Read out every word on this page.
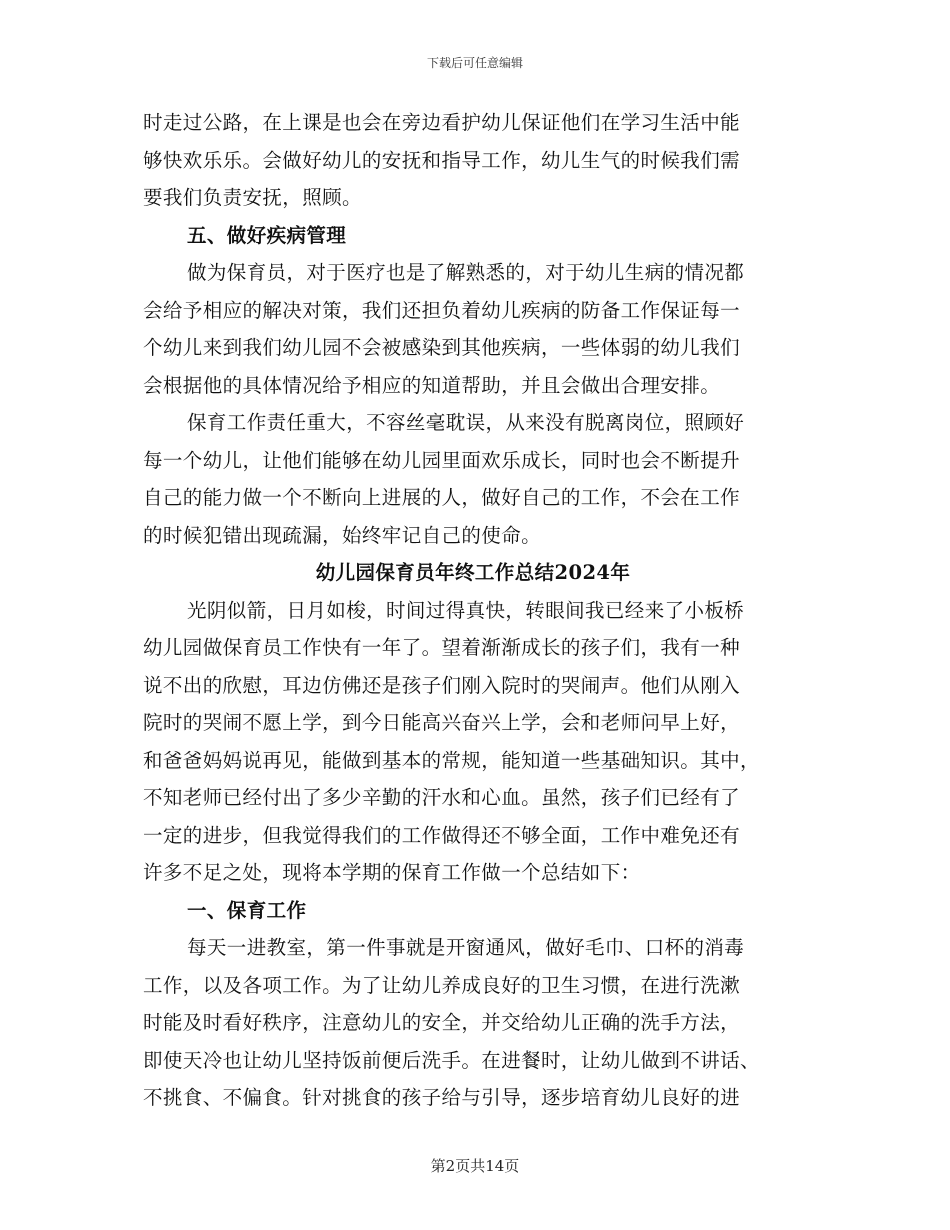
下载后可任意编辑
时走过公路，在上课是也会在旁边看护幼儿保证他们在学习生活中能
够快欢乐乐。会做好幼儿的安抚和指导工作，幼儿生气的时候我们需
要我们负责安抚，照顾。
五、做好疾病管理
做为保育员，对于医疗也是了解熟悉的，对于幼儿生病的情况都
会给予相应的解决对策，我们还担负着幼儿疾病的防备工作保证每一
个幼儿来到我们幼儿园不会被感染到其他疾病，一些体弱的幼儿我们
会根据他的具体情况给予相应的知道帮助，并且会做出合理安排。
保育工作责任重大，不容丝毫耽误，从来没有脱离岗位，照顾好
每一个幼儿，让他们能够在幼儿园里面欢乐成长，同时也会不断提升
自己的能力做一个不断向上进展的人，做好自己的工作，不会在工作
的时候犯错出现疏漏，始终牢记自己的使命。
幼儿园保育员年终工作总结2024年
光阴似箭，日月如梭，时间过得真快，转眼间我已经来了小板桥
幼儿园做保育员工作快有一年了。望着渐渐成长的孩子们，我有一种
说不出的欣慰，耳边仿佛还是孩子们刚入院时的哭闹声。他们从刚入
院时的哭闹不愿上学，到今日能高兴奋兴上学，会和老师问早上好，
和爸爸妈妈说再见，能做到基本的常规，能知道一些基础知识。其中，
不知老师已经付出了多少辛勤的汗水和心血。虽然，孩子们已经有了
一定的进步，但我觉得我们的工作做得还不够全面，工作中难免还有
许多不足之处，现将本学期的保育工作做一个总结如下：
一、保育工作
每天一进教室，第一件事就是开窗通风，做好毛巾、口杯的消毒
工作，以及各项工作。为了让幼儿养成良好的卫生习惯，在进行洗漱
时能及时看好秩序，注意幼儿的安全，并交给幼儿正确的洗手方法，
即使天冷也让幼儿坚持饭前便后洗手。在进餐时，让幼儿做到不讲话、
不挑食、不偏食。针对挑食的孩子给与引导，逐步培育幼儿良好的进
第2页共14页
